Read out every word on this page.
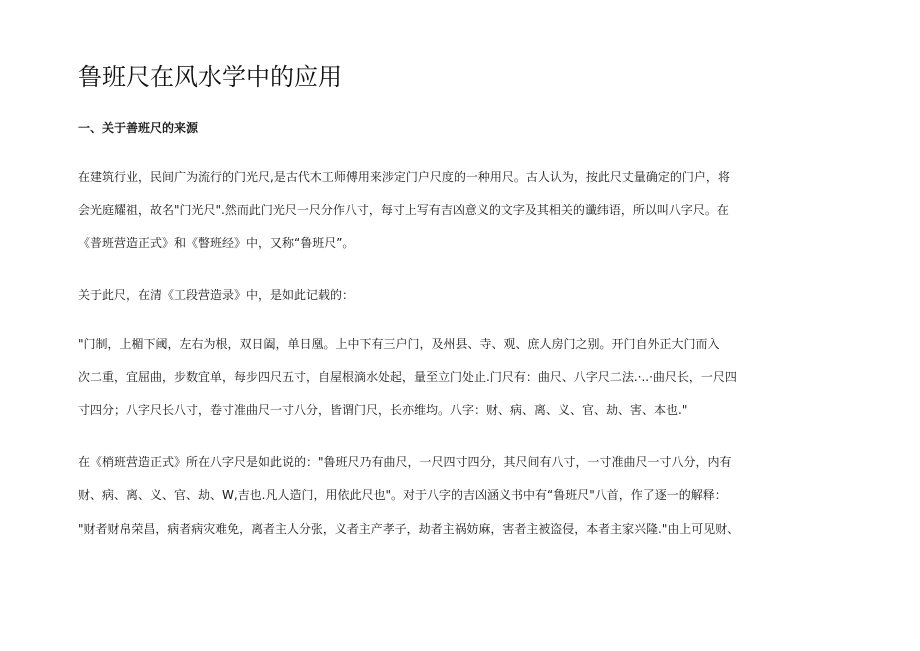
鲁班尺在风水学中的应用
一、关于善班尺的来源

在建筑行业，民间广为流行的门光尺,是古代木工师傅用来涉定门户尺度的一种用尺。古人认为，按此尺丈量确定的门户，将

会光庭耀祖，故名"门光尺".然而此门光尺一尺分作八寸，每寸上写有吉凶意义的文字及其相关的谶纬语，所以叫八字尺。在

《普班营造正式》和《瞥班经》中，又称“鲁班尺”。

关于此尺，在清《工段营造录》中，是如此记载的：

"门制，上楣下阈，左右为根，双日阖，单日凰。上中下有三户门，及州县、寺、观、庶人房门之别。开门自外正大门而入

次二重，宜屈曲，步数宜单，每步四尺五寸，自屋根滴水处起，量至立门处止.门尺有：曲尺、八字尺二法.·..·曲尺长，一尺四

寸四分；八字尺长八寸，卷寸准曲尺一寸八分，皆谓门尺，长亦维均。八字：财、病、离、义、官、劫、害、本也."

在《梢班营造正式》所在八字尺是如此说的："鲁班尺乃有曲尺，一尺四寸四分，其尺间有八寸，一寸准曲尺一寸八分，内有

财、病、离、义、官、劫、W,吉也.凡人造门，用依此尺也"。对于八字的吉凶涵义书中有“鲁班尺"八首，作了逐一的解释：

"财者财帛荣昌，病者病灾难免，离者主人分张，义者主产孝子，劫者主祸妨麻，害者主被盗侵，本者主家兴隆."由上可见财、
